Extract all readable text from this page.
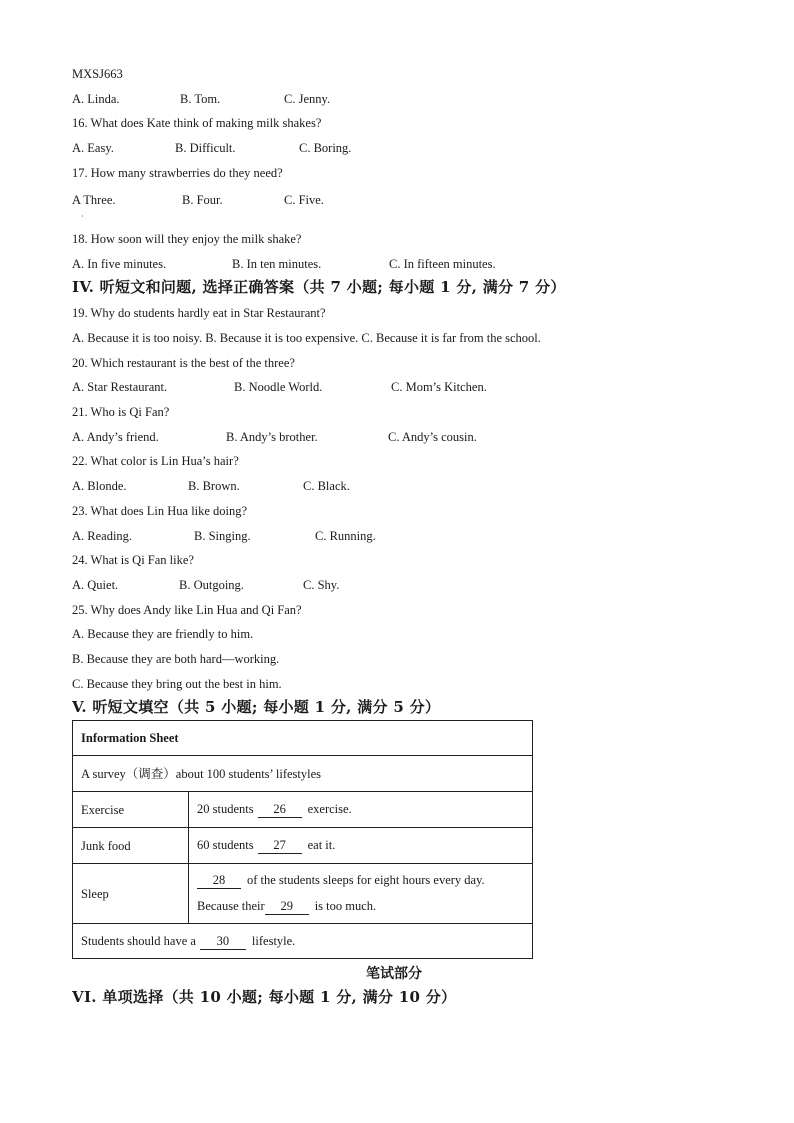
MXSJ663
A. Linda.	B. Tom.	C. Jenny.
16. What does Kate think of making milk shakes?
A. Easy.	B. Difficult.	C. Boring.
17. How many strawberries do they need?
A Three.	B. Four.	C. Five.
·
18. How soon will they enjoy the milk shake?
A. In five minutes.	B. In ten minutes.	C. In fifteen minutes.
IV. 听短文和问题, 选择正确答案（共 7 小题; 每小题 1 分, 满分 7 分）
19. Why do students hardly eat in Star Restaurant?
A. Because it is too noisy. B. Because it is too expensive. C. Because it is far from the school.
20. Which restaurant is the best of the three?
A. Star Restaurant.	B. Noodle World.	C. Mom’s Kitchen.
21. Who is Qi Fan?
A. Andy’s friend.	B. Andy’s brother.	C. Andy’s cousin.
22. What color is Lin Hua’s hair?
A. Blonde.	B. Brown.	C. Black.
23. What does Lin Hua like doing?
A. Reading.	B. Singing.	C. Running.
24. What is Qi Fan like?
A. Quiet.	B. Outgoing.	C. Shy.
25. Why does Andy like Lin Hua and Qi Fan?
A. Because they are friendly to him.
B. Because they are both hard—working.
C. Because they bring out the best in him.
V. 听短文填空（共 5 小题; 每小题 1 分, 满分 5 分）
Information Sheet	
A survey（调查）about 100 students’ lifestyles	
Exercise	20 students 26 exercise.
Junk food	60 students 27 eat it.
Sleep	28 of the students sleeps for eight hours every day.
Because their 29 is too much.

Students should have a 30 lifestyle.	
笔试部分
VI. 单项选择（共 10 小题; 每小题 1 分, 满分 10 分）
